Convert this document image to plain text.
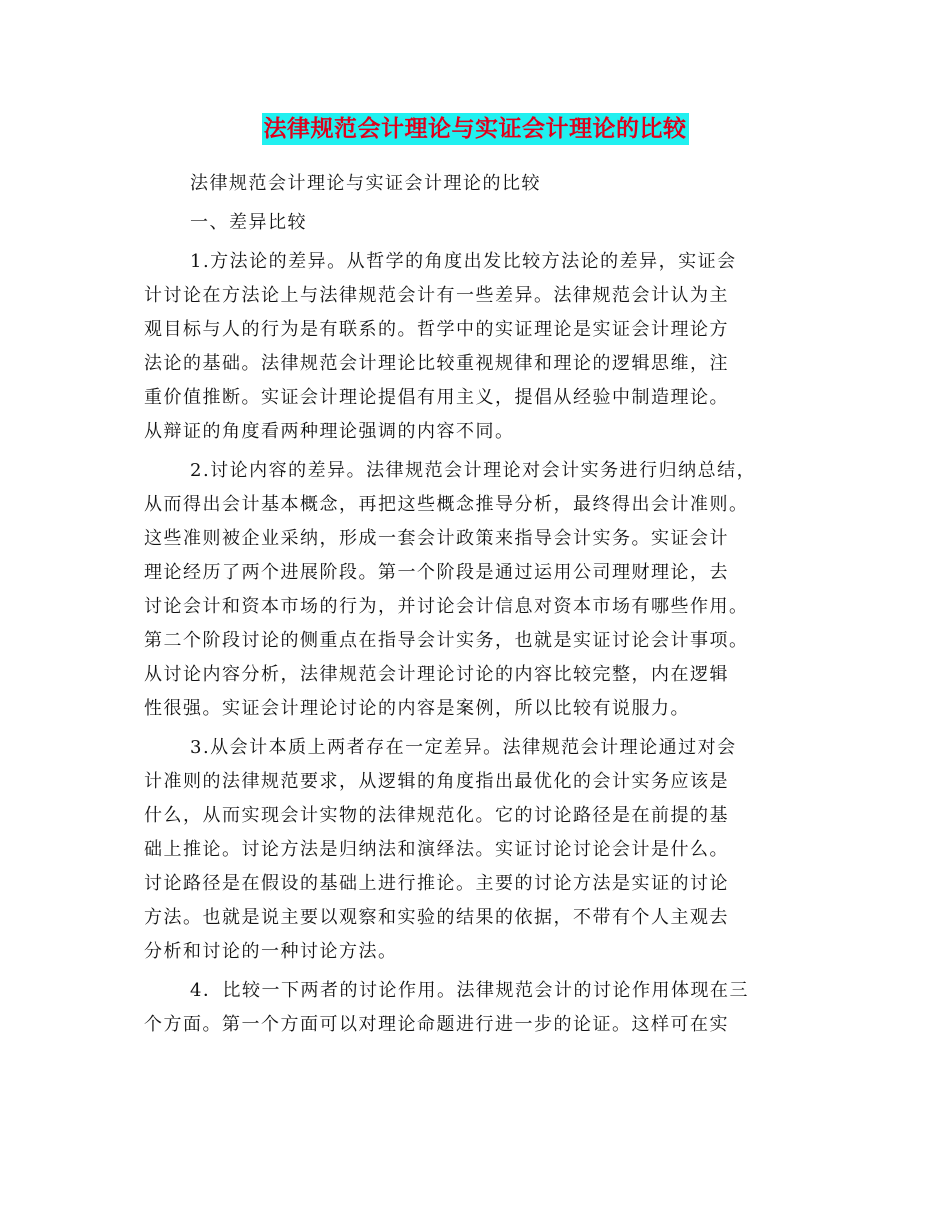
法律规范会计理论与实证会计理论的比较
法律规范会计理论与实证会计理论的比较
一、差异比较
1.方法论的差异。从哲学的角度出发比较方法论的差异，实证会
计讨论在方法论上与法律规范会计有一些差异。法律规范会计认为主
观目标与人的行为是有联系的。哲学中的实证理论是实证会计理论方
法论的基础。法律规范会计理论比较重视规律和理论的逻辑思维，注
重价值推断。实证会计理论提倡有用主义，提倡从经验中制造理论。
从辩证的角度看两种理论强调的内容不同。
2.讨论内容的差异。法律规范会计理论对会计实务进行归纳总结，
从而得出会计基本概念，再把这些概念推导分析，最终得出会计准则。
这些准则被企业采纳，形成一套会计政策来指导会计实务。实证会计
理论经历了两个进展阶段。第一个阶段是通过运用公司理财理论，去
讨论会计和资本市场的行为，并讨论会计信息对资本市场有哪些作用。
第二个阶段讨论的侧重点在指导会计实务，也就是实证讨论会计事项。
从讨论内容分析，法律规范会计理论讨论的内容比较完整，内在逻辑
性很强。实证会计理论讨论的内容是案例，所以比较有说服力。
3.从会计本质上两者存在一定差异。法律规范会计理论通过对会
计准则的法律规范要求，从逻辑的角度指出最优化的会计实务应该是
什么，从而实现会计实物的法律规范化。它的讨论路径是在前提的基
础上推论。讨论方法是归纳法和演绎法。实证讨论讨论会计是什么。
讨论路径是在假设的基础上进行推论。主要的讨论方法是实证的讨论
方法。也就是说主要以观察和实验的结果的依据，不带有个人主观去
分析和讨论的一种讨论方法。
4．比较一下两者的讨论作用。法律规范会计的讨论作用体现在三
个方面。第一个方面可以对理论命题进行进一步的论证。这样可在实
